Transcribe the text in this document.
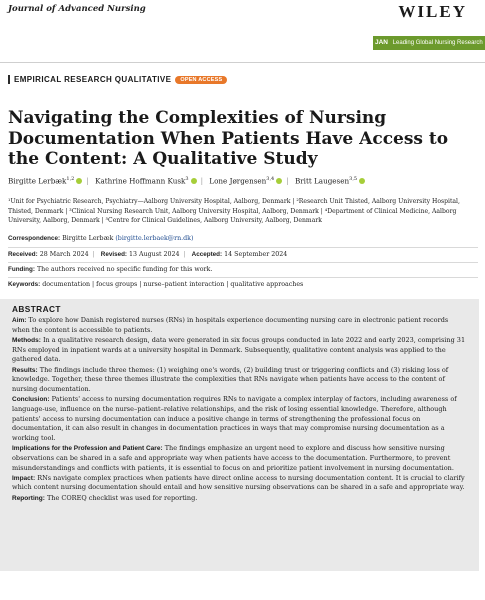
Journal of Advanced Nursing	WILEY
JAN Leading Global Nursing Research
EMPIRICAL RESEARCH QUALITATIVE	OPEN ACCESS
Navigating the Complexities of Nursing Documentation When Patients Have Access to the Content: A Qualitative Study
Birgitte Lerbæk$^{1,2}$ | Kathrine Hoffmann Kusk$^3$ | Lone Jørgensen$^{3,4}$ | Britt Laugesen$^{3,5}$
¹Unit for Psychiatric Research, Psychiatry—Aalborg University Hospital, Aalborg, Denmark | ²Research Unit Thisted, Aalborg University Hospital, Thisted, Denmark | ³Clinical Nursing Research Unit, Aalborg University Hospital, Aalborg, Denmark | ⁴Department of Clinical Medicine, Aalborg University, Aalborg, Denmark | ⁵Centre for Clinical Guidelines, Aalborg University, Aalborg, Denmark
Correspondence: Birgitte Lerbæk (birgitte.lerbaek@rn.dk)
Received: 28 March 2024 | Revised: 13 August 2024 | Accepted: 14 September 2024
Funding: The authors received no specific funding for this work.
Keywords: documentation | focus groups | nurse–patient interaction | qualitative approaches
ABSTRACT

Aim: To explore how Danish registered nurses (RNs) in hospitals experience documenting nursing care in electronic patient records when the content is accessible to patients.

Methods: In a qualitative research design, data were generated in six focus groups conducted in late 2022 and early 2023, comprising 31 RNs employed in inpatient wards at a university hospital in Denmark. Subsequently, qualitative content analysis was applied to the gathered data.

Results: The findings include three themes: (1) weighing one's words, (2) building trust or triggering conflicts and (3) risking loss of knowledge. Together, these three themes illustrate the complexities that RNs navigate when patients have access to the content of nursing documentation.

Conclusion: Patients' access to nursing documentation requires RNs to navigate a complex interplay of factors, including awareness of language-use, influence on the nurse–patient–relative relationships, and the risk of losing essential knowledge. Therefore, although patients' access to nursing documentation can induce a positive change in terms of strengthening the professional focus on documentation, it can also result in changes in documentation practices in ways that may compromise nursing documentation as a working tool.

Implications for the Profession and Patient Care: The findings emphasize an urgent need to explore and discuss how sensitive nursing observations can be shared in a safe and appropriate way when patients have access to the documentation. Furthermore, to prevent misunderstandings and conflicts with patients, it is essential to focus on and prioritize patient involvement in nursing documentation.

Impact: RNs navigate complex practices when patients have direct online access to nursing documentation content. It is crucial to clarify which content nursing documentation should entail and how sensitive nursing observations can be shared in a safe and appropriate way.

Reporting: The COREQ checklist was used for reporting.
